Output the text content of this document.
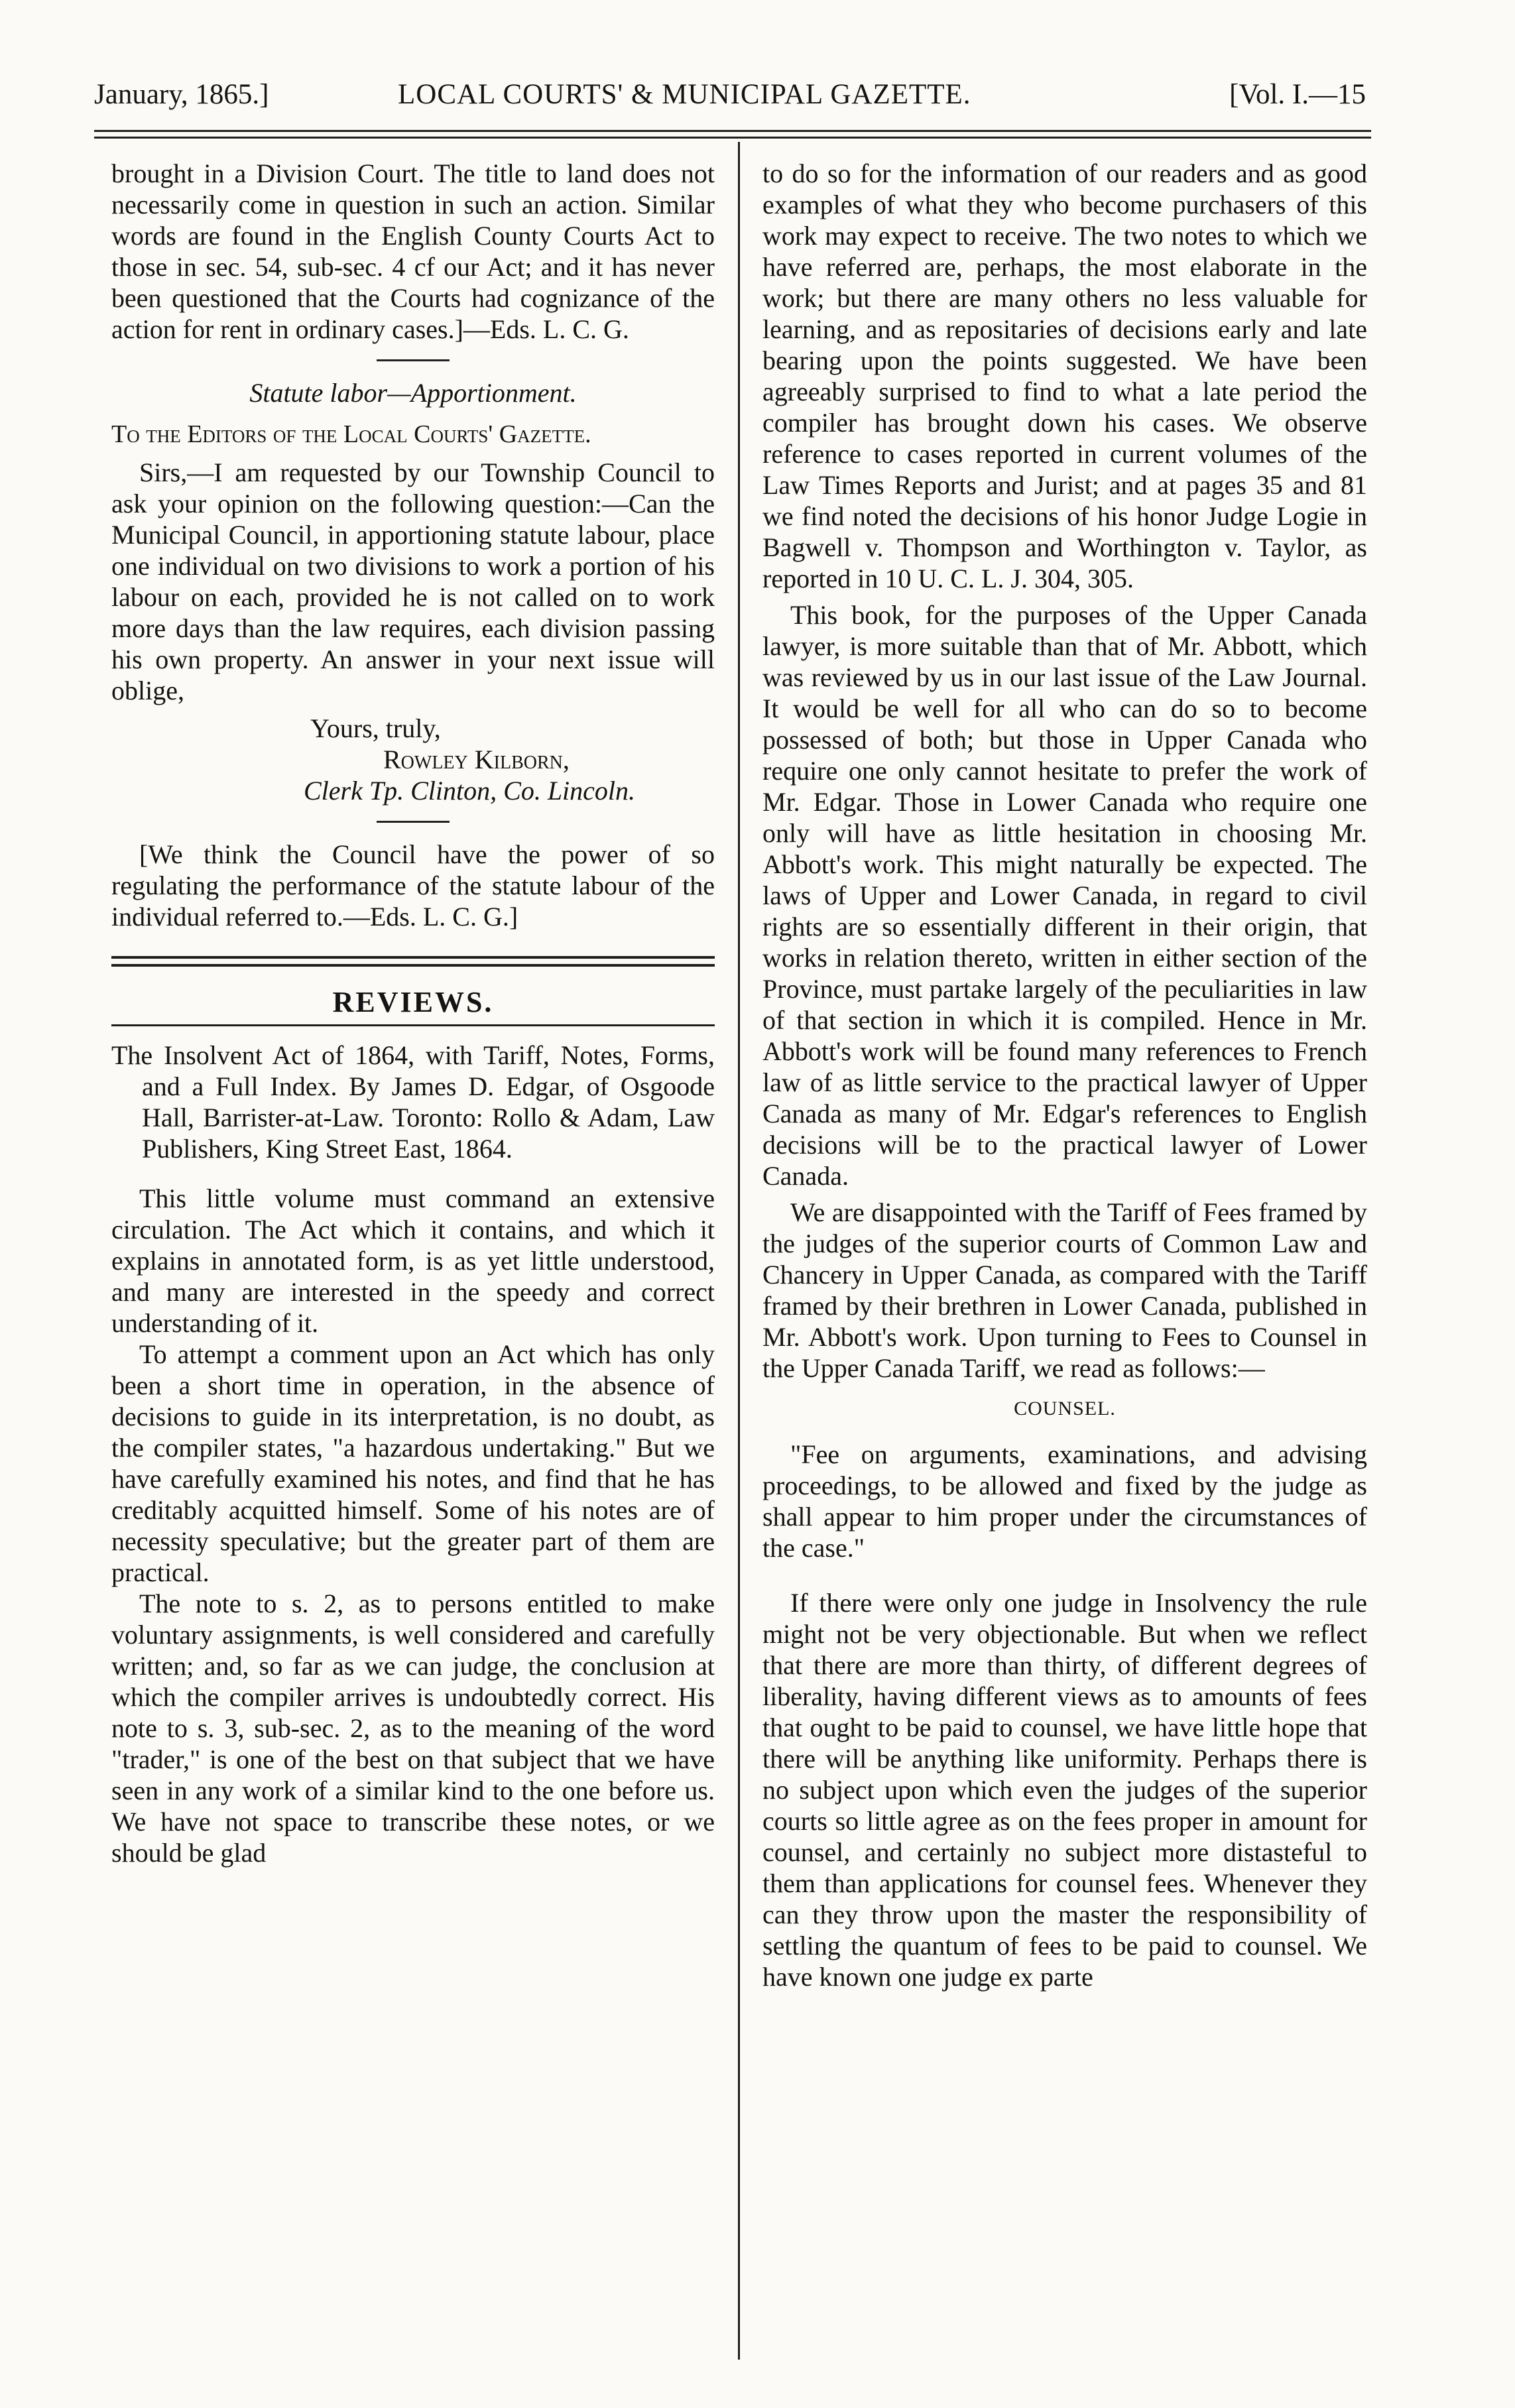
January, 1865.]	LOCAL COURTS' & MUNICIPAL GAZETTE.	[Vol. I.—15

brought in a Division Court. The title to land does not necessarily come in question in such an action. Similar words are found in the English County Courts Act to those in sec. 54, sub-sec. 4 cf our Act; and it has never been questioned that the Courts had cognizance of the action for rent in ordinary cases.]—Eds. L. C. G.

Statute labor—Apportionment.

To the Editors of the Local Courts' Gazette.

Sirs,—I am requested by our Township Council to ask your opinion on the following question:—Can the Municipal Council, in apportioning statute labour, place one individual on two divisions to work a portion of his labour on each, provided he is not called on to work more days than the law requires, each division passing his own property. An answer in your next issue will oblige,

Yours, truly,

Rowley Kilborn,

Clerk Tp. Clinton, Co. Lincoln.

[We think the Council have the power of so regulating the performance of the statute labour of the individual referred to.—Eds. L. C. G.]

REVIEWS.

The Insolvent Act of 1864, with Tariff, Notes, Forms, and a Full Index. By James D. Edgar, of Osgoode Hall, Barrister-at-Law. Toronto: Rollo & Adam, Law Publishers, King Street East, 1864.

This little volume must command an extensive circulation. The Act which it contains, and which it explains in annotated form, is as yet little understood, and many are interested in the speedy and correct understanding of it.

To attempt a comment upon an Act which has only been a short time in operation, in the absence of decisions to guide in its interpretation, is no doubt, as the compiler states, "a hazardous undertaking." But we have carefully examined his notes, and find that he has creditably acquitted himself. Some of his notes are of necessity speculative; but the greater part of them are practical.

The note to s. 2, as to persons entitled to make voluntary assignments, is well considered and carefully written; and, so far as we can judge, the conclusion at which the compiler arrives is undoubtedly correct. His note to s. 3, sub-sec. 2, as to the meaning of the word "trader," is one of the best on that subject that we have seen in any work of a similar kind to the one before us. We have not space to transcribe these notes, or we should be glad

to do so for the information of our readers and as good examples of what they who become purchasers of this work may expect to receive. The two notes to which we have referred are, perhaps, the most elaborate in the work; but there are many others no less valuable for learning, and as repositaries of decisions early and late bearing upon the points suggested. We have been agreeably surprised to find to what a late period the compiler has brought down his cases. We observe reference to cases reported in current volumes of the Law Times Reports and Jurist; and at pages 35 and 81 we find noted the decisions of his honor Judge Logie in Bagwell v. Thompson and Worthington v. Taylor, as reported in 10 U. C. L. J. 304, 305.

This book, for the purposes of the Upper Canada lawyer, is more suitable than that of Mr. Abbott, which was reviewed by us in our last issue of the Law Journal. It would be well for all who can do so to become possessed of both; but those in Upper Canada who require one only cannot hesitate to prefer the work of Mr. Edgar. Those in Lower Canada who require one only will have as little hesitation in choosing Mr. Abbott's work. This might naturally be expected. The laws of Upper and Lower Canada, in regard to civil rights are so essentially different in their origin, that works in relation thereto, written in either section of the Province, must partake largely of the peculiarities in law of that section in which it is compiled. Hence in Mr. Abbott's work will be found many references to French law of as little service to the practical lawyer of Upper Canada as many of Mr. Edgar's references to English decisions will be to the practical lawyer of Lower Canada.

We are disappointed with the Tariff of Fees framed by the judges of the superior courts of Common Law and Chancery in Upper Canada, as compared with the Tariff framed by their brethren in Lower Canada, published in Mr. Abbott's work. Upon turning to Fees to Counsel in the Upper Canada Tariff, we read as follows:—

COUNSEL.

"Fee on arguments, examinations, and advising proceedings, to be allowed and fixed by the judge as shall appear to him proper under the circumstances of the case."

If there were only one judge in Insolvency the rule might not be very objectionable. But when we reflect that there are more than thirty, of different degrees of liberality, having different views as to amounts of fees that ought to be paid to counsel, we have little hope that there will be anything like uniformity. Perhaps there is no subject upon which even the judges of the superior courts so little agree as on the fees proper in amount for counsel, and certainly no subject more distasteful to them than applications for counsel fees. Whenever they can they throw upon the master the responsibility of settling the quantum of fees to be paid to counsel. We have known one judge ex parte
